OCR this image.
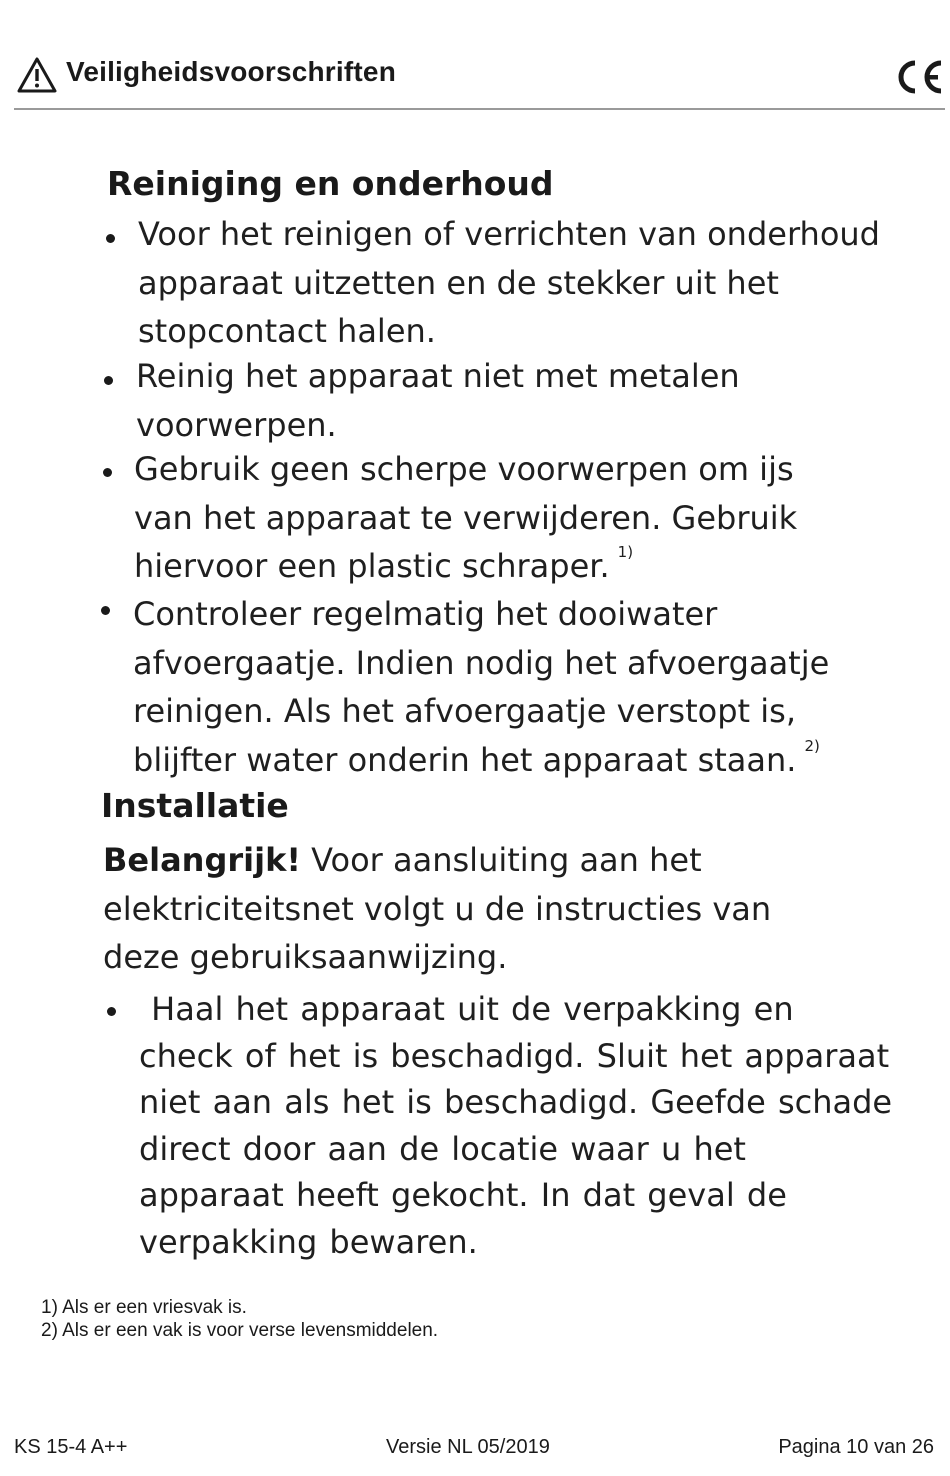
Veiligheidsvoorschriften
Reiniging en onderhoud
Voor het reinigen of verrichten van onderhoud apparaat uitzetten en de stekker uit het stopcontact halen.
Reinig het apparaat niet met metalen voorwerpen.
Gebruik geen scherpe voorwerpen om ijs van het apparaat te verwijderen. Gebruik hiervoor een plastic schraper. $^{1)}$
Controleer regelmatig het dooiwater afvoergaatje. Indien nodig het afvoergaatje reinigen. Als het afvoergaatje verstopt is, blijfter water onderin het apparaat staan. $^{2)}$
Installatie
Belangrijk! Voor aansluiting aan het elektriciteitsnet volgt u de instructies van deze gebruiksaanwijzing.
Haal het apparaat uit de verpakking en check of het is beschadigd. Sluit het apparaat niet aan als het is beschadigd. Geefde schade direct door aan de locatie waar u het apparaat heeft gekocht. In dat geval de verpakking bewaren.
1) Als er een vriesvak is.
2) Als er een vak is voor verse levensmiddelen.
KS 15-4 A++	Versie NL 05/2019	Pagina 10 van 26
